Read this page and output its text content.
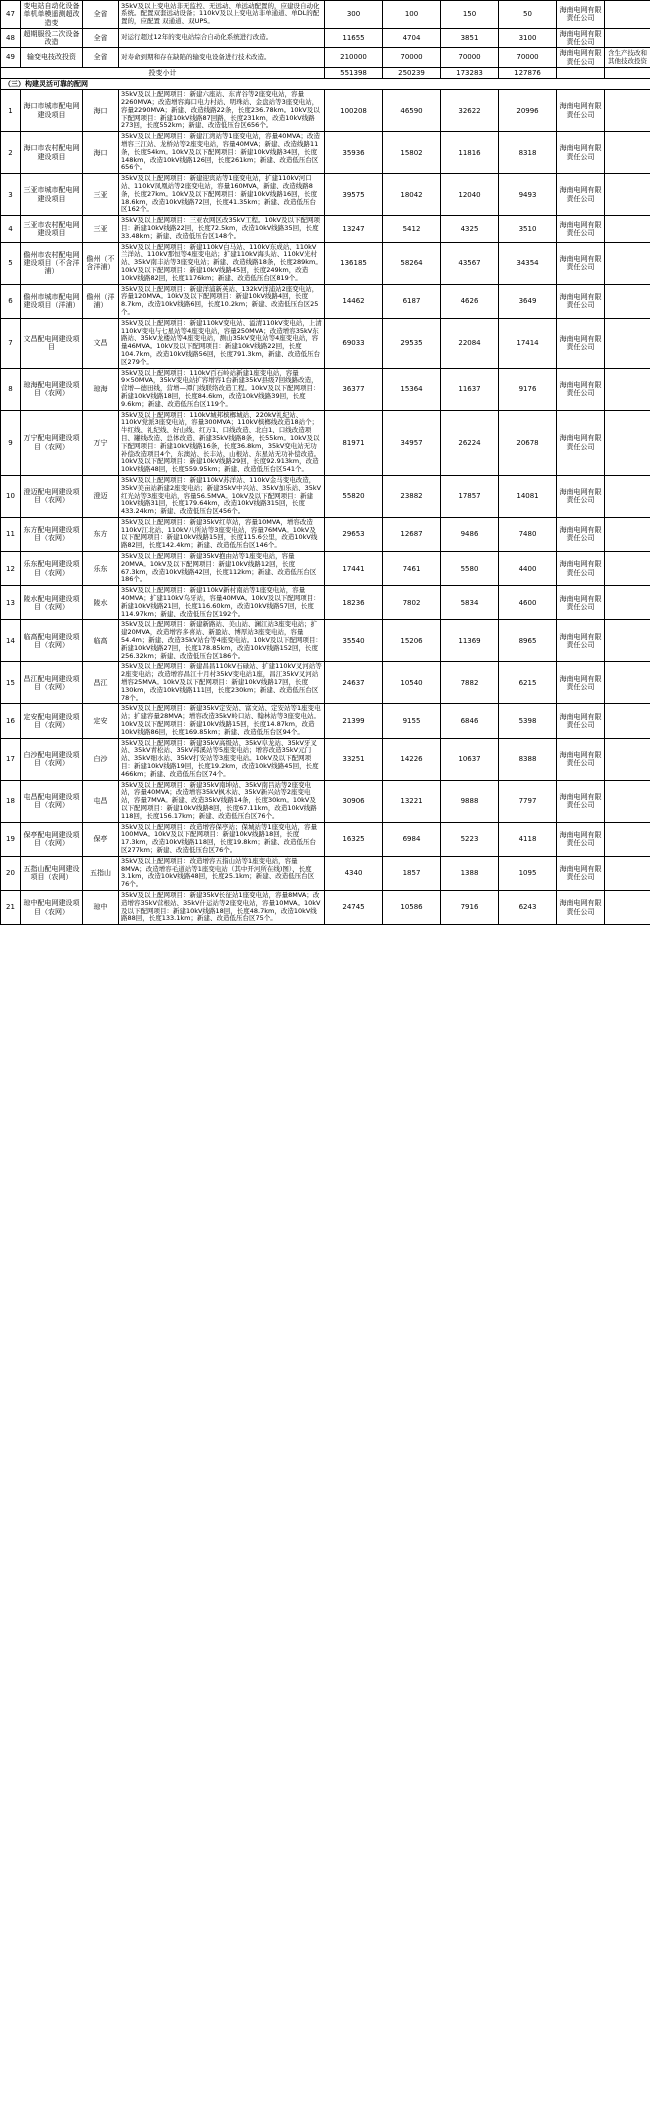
47	变电站自动化设备单机单模遥测超改造变	全省	35kV及以上变电站非无监控、无远动、单远动配置的，应建设自动化系统。配置双套远动设备；110kV及以上变电站非单通道、单DL的配置的，应配置 双通道、双UPS。	300	100	150	50	海南电网有限责任公司	
48	超期服役二次设备改造	全省	对运行超过12年的变电站综合自动化系统进行改造。	11655	4704	3851	3100	海南电网有限责任公司	
49	输变电技改投资	全省	对寿命到期和存在缺陷的输变电设备进行技术改造。	210000	70000	70000	70000	海南电网有限责任公司	含生产技改和其他技改投资
投变小计				551398	250239	173283	127876		
（三）构建灵活可靠的配网									
1	海口市城市配电网建设项目	海口	35kV及以上配网项目：新建六座站、东青谷等2座变电站，容量2260MVA；改造增容海口电力村站、明珠站、金盘站等3座变电站，容量2290MVA；新建、改造线路22条，长度236.78km。10kV及以下配网项目：新建10kV线路87回路，长度231km，改造10kV线路273回，长度552km；新建、改造低压台区656个。	100208	46590	32622	20996	海南电网有限责任公司	
2	海口市农村配电网建设项目	海口	35kV及以上配网项目：新建江湾站等1座变电站，容量40MVA；改造增容三江站、龙桥站等2座变电站，容量40MVA；新建、改造线路11条，长度54km。10kV及以下配网项目：新建10kV线路34回，长度148km，改造10kV线路126回，长度261km；新建、改造低压台区656个。	35936	15802	11816	8318	海南电网有限责任公司	
3	三亚市城市配电网建设项目	三亚	35kV及以上配网项目：新建迎宾站等1座变电站，扩建110kV河口站、110kV凤凰站等2座变电站，容量160MVA，新建、改造线路8条，长度27km。10kV及以下配网项目：新建10kV线路16回，长度18.6km，改造10kV线路72回，长度41.35km；新建、改造低压台区162个。	39575	18042	12040	9493	海南电网有限责任公司	
4	三亚市农村配电网建设项目	三亚	35kV及以上配网项目：三亚农网区改35kV工程。10kV及以下配网项目：新建10kV线路22回，长度72.5km，改造10kV线路35回，长度33.48km；新建、改造低压台区148个。	13247	5412	4325	3510	海南电网有限责任公司	
5	儋州市农村配电网建设项目（不含洋浦）	儋州（不含洋浦）	35kV及以上配网项目：新建110kV白马站、110kV东成站、110kV兰洋站、110kV那恒等4座变电站；扩建110kV海头站、110kV光村站、35kV南丰站等3座变电站；新建、改造线路18条，长度289km。10kV及以下配网项目：新建10kV线路45回，长度249km，改造10kV线路82回，长度1176km；新建、改造低压台区819个。	136185	58264	43567	34354	海南电网有限责任公司	
6	儋州市城市配电网建设项目（洋浦）	儋州（洋浦）	35kV及以上配网项目：新建洋浦新英站、132kV洋浦站2座变电站，容量120MVA。10kV及以下配网项目：新建10kV线路4回，长度8.7km，改造10kV线路6回，长度10.2km；新建、改造低压台区25个。	14462	6187	4626	3649	海南电网有限责任公司	
7	文昌配电网建设项目	文昌	35kV及以上配网项目：新建110kV变电站、溢清110kV变电站，上清110kV变电与七星站等4座变电站，容量250MVA；改造增容35kV东路站、35kV龙楼站等4座变电站，测山35kV变电站等4座变电站，容量46MVA。10kV及以下配网项目：新建10kV线路22回，长度104.7km，改造10kV线路56回，长度791.3km，新建、改造低压台区279个。	69033	29535	22084	17414	海南电网有限责任公司	
8	琼海配电网建设项目（农网）	琼海	35kV及以上配网项目：110kV百石岭站新建1座变电站，容量9×50MVA，35kV变电站扩容增容1台新建35kV县级7回线路改造，营增—德田线，营增—潭门线联络改造工程。10kV及以下配网项目：新建10kV线路18回，长度84.6km，改造10kV线路39回，长度9.6km；新建、改造低压台区119个。	36377	15364	11637	9176	海南电网有限责任公司	
9	万宁配电网建设项目（农网）	万宁	35kV及以上配网项目：110kV城邦槟榔城站、220kV礼纪站、110kV党派3座变电站，容量300MVA；110kV槟榔线改造18站个；牛红线、礼纪线、好山线、红万1、口线改造、北白1、口线改造项目、罐线改造、总体改造、新建35kV线路8条，长55km。10kV及以下配网项目：新建10kV线路16条，长度36.8km，35kV变电站无功补偿改造项目4个，东澳站、长丰站、山根站、东星站无功补偿改造。10kV及以下配网项目：新建10kV线路29回，长度92.913km，改造10kV线路48回，长度559.95km；新建、改造低压台区541个。	81971	34957	26224	20678	海南电网有限责任公司	
10	澄迈配电网建设项目（农网）	澄迈	35kV及以上配网项目：新建110kV苏洋站、110kV金马变电改造，35kV美亩站新建2座变电站；新建35kV中兴站、35kV加乐站、35kV红光站等3座变电站，容量56.5MVA。10kV及以下配网项目：新建10kV线路31回，长度179.64km，改造10kV线路315回，长度433.24km；新建、改造低压台区456个。	55820	23882	17857	14081	海南电网有限责任公司	
11	东方配电网建设项目（农网）	东方	35kV及以上配网项目：新建35kV红草站，容量10MVA，增容改造110kV江北站、110kV八所站等3座变电站，容量76MVA。10kV及以下配网项目：新建10kV线路15回，长度115.6公里，改造10kV线路82回，长度142.4km；新建、改造低压台区146个。	29653	12687	9486	7480	海南电网有限责任公司	
12	乐东配电网建设项目（农网）	乐东	35kV及以上配网项目：新建35kV抱由站等1座变电站，容量20MVA。10kV及以下配网项目：新建10kV线路12回，长度67.3km，改造10kV线路42回，长度112km；新建、改造低压台区186个。	17441	7461	5580	4400	海南电网有限责任公司	
13	陵水配电网建设项目（农网）	陵水	35kV及以上配网项目：新建110kV新村南站等1座变电站，容量40MVA；扩建110kV乌牙站，容量40MVA。10kV及以下配网项目：新建10kV线路21回，长度116.60km，改造10kV线路57回，长度114.97km；新建、改造低压台区192个。	18236	7802	5834	4600	海南电网有限责任公司	
14	临高配电网建设项目（农网）	临高	35kV及以上配网项目：新建新路站、美山站、澜江站3座变电站；扩建20MVA，改造增容多喜站、新盈站、博厚站3座变电站，容量54.4m；新建、改造35kV站台等4座变电站。10kV及以下配网项目：新建10kV线路27回，长度178.85km，改造10kV线路152回，长度256.32km；新建、改造低压台区186个。	35540	15206	11369	8965	海南电网有限责任公司	
15	昌江配电网建设项目（农网）	昌江	35kV及以上配网项目：新建昌昌110kV石碌站、扩建110kV叉河站等2座变电站；改造增容昌江十月村35kV变电站1座，昌江35kV叉河站增容25MVA。10kV及以下配网项目：新建10kV线路17回，长度130km，改造10kV线路111回，长度230km；新建、改造低压台区78个。	24637	10540	7882	6215	海南电网有限责任公司	
16	定安配电网建设项目（农网）	定安	35kV及以上配网项目：新建35kV定安站、富文站、定安站等1座变电站；扩建容量28MVA；增容改造35kV岭口站、翰林站等3座变电站。10kV及以下配网项目：新建10kV线路15回，长度14.87km，改造10kV线路86回，长度169.85km；新建、改造低压台区94个。	21399	9155	6846	5398	海南电网有限责任公司	
17	白沙配电网建设项目（农网）	白沙	35kV及以上配网项目：新建35kV高级站、35kV阜龙站、35kV牙叉站、35kV青松站、35kV邦溪站等5座变电站；增容改造35kV元门站、35kV细水站、35kV打安站等3座变电站。10kV及以下配网项目：新建10kV线路19回，长度19.2km，改造10kV线路45回，长度466km；新建、改造低压台区74个。	33251	14226	10637	8388	海南电网有限责任公司	
18	屯昌配电网建设项目（农网）	屯昌	35kV及以上配网项目：新建35kV南坤站、35kV南吕站等2座变电站，容量40MVA；改造增容35kV枫木站、35kV新兴站等2座变电站，容量7MVA。新建、改造35kV线路14条，长度30km。10kV及以下配网项目：新建10kV线路8回，长度67.11km，改造10kV线路118回，长度156.17km；新建、改造低压台区76个。	30906	13221	9888	7797	海南电网有限责任公司	
19	保亭配电网建设项目（农网）	保亭	35kV及以上配网项目：改造增容保亭站；保城站等1座变电站，容量100MVA。10kV及以下配网项目：新建10kV线路18回，长度17.3km，改造10kV线路118回，长度19.8km；新建、改造低压台区277km；新建、改造低压台区76个。	16325	6984	5223	4118	海南电网有限责任公司	
20	五指山配电网建设项目（农网）	五指山	35kV及以上配网项目：改造增容五指山站等1座变电站，容量8MVA；改造增容毛道站等1座变电站（其中开河所在线)图）、长度3.1km，改造10kV线路48回，长度25.1km；新建、改造低压台区76个。	4340	1857	1388	1095	海南电网有限责任公司	
21	琼中配电网建设项目（农网）	琼中	35kV及以上配网项目：新建35kV长征站1座变电站，容量8MVA；改造增容35kV营根站、35kV什运站等2座变电站，容量10MVA。10kV及以下配网项目：新建10kV线路18回，长度48.7km，改造10kV线路88回，长度133.1km；新建、改造低压台区75个。	24745	10586	7916	6243	海南电网有限责任公司	
